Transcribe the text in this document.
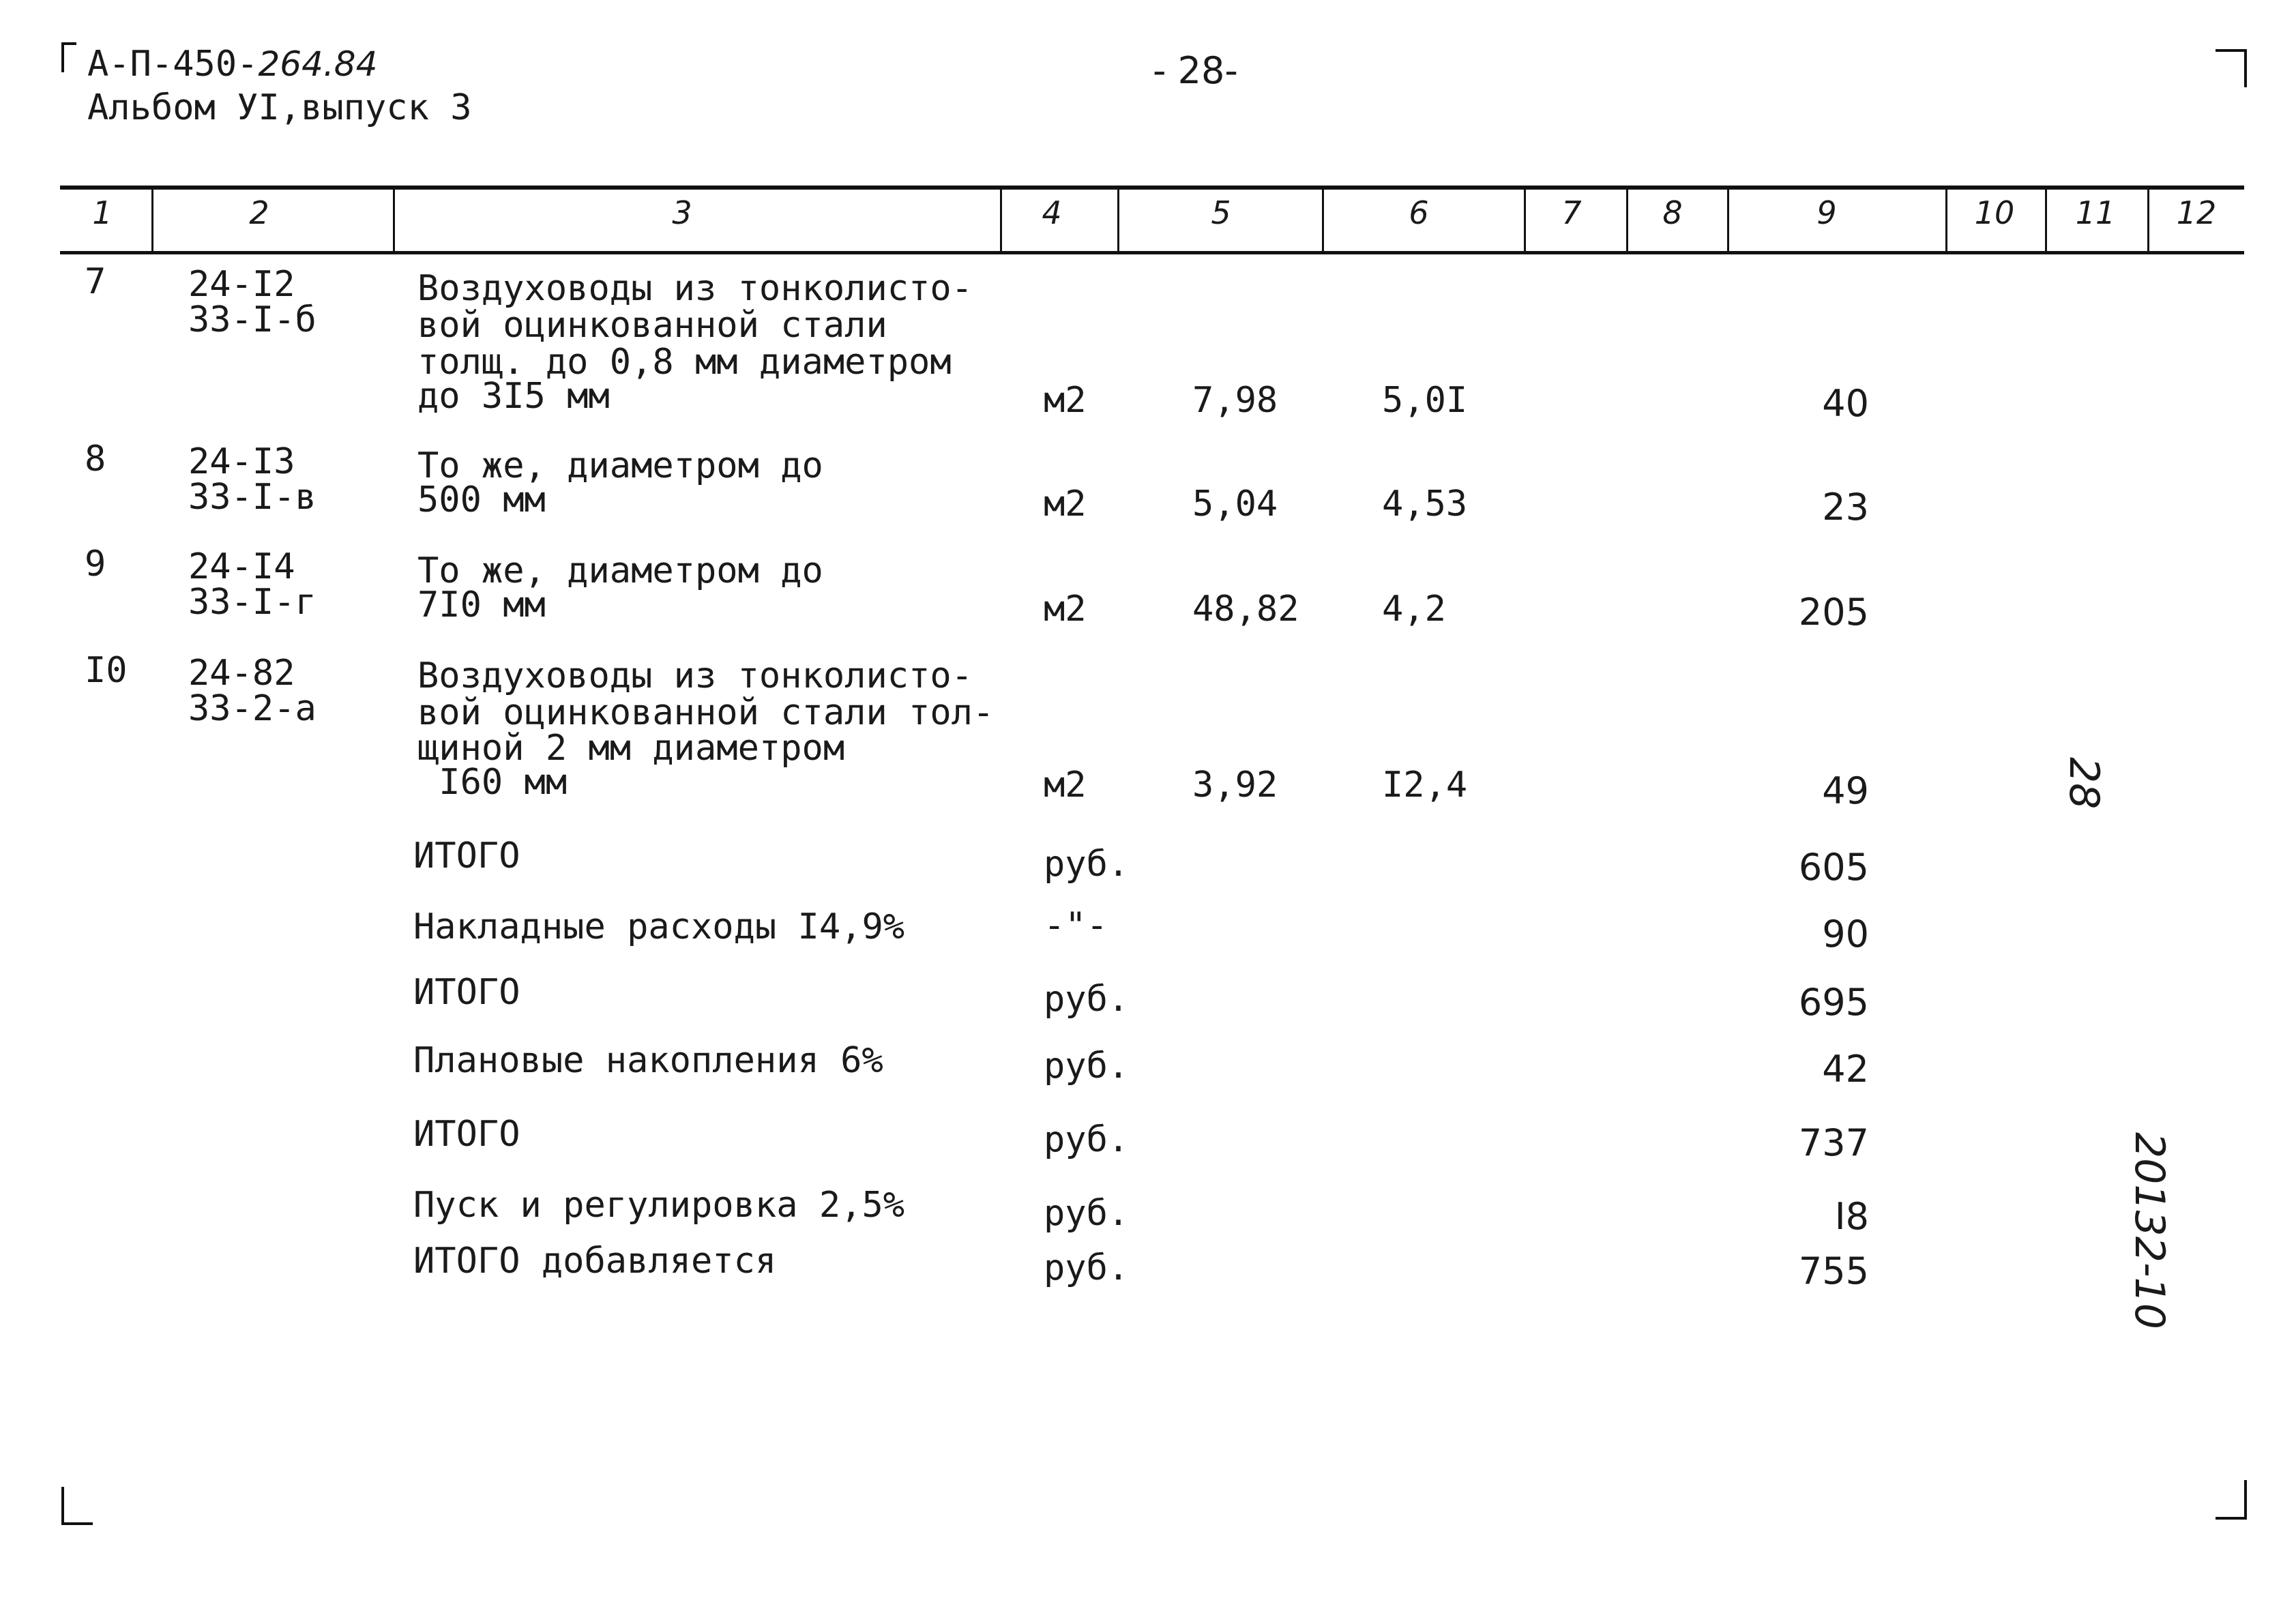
А-П-450-264.84
Альбом УI,выпуск 3
- 28-
1	2	3	4	5	6	7	8	9	10	11	12
7 24-I2
33-I-б
Воздуховоды из тонколисто-
вой оцинкованной стали
толщ. до 0,8 мм диаметром
до 3I5 мм	м2	7,98	5,0I	40
8 24-I3
33-I-в
То же, диаметром до
500 мм	м2	5,04	4,53	23
9 24-I4
33-I-г
То же, диаметром до
7I0 мм	м2	48,82 4,2	205
I0 24-82
33-2-а
Воздуховоды из тонколисто-
вой оцинкованной стали тол-
щиной 2 мм диаметром
I60 мм	м2	3,92	I2,4	49
ИТОГО	руб.	605
Накладные расходы I4,9%	-"-	90
ИТОГО	руб.	695
Плановые накопления 6%	руб.	42
ИТОГО	руб.	737
Пуск и регулировка 2,5%	руб.	I8
ИТОГО добавляется	руб.	755
28
20132-10
